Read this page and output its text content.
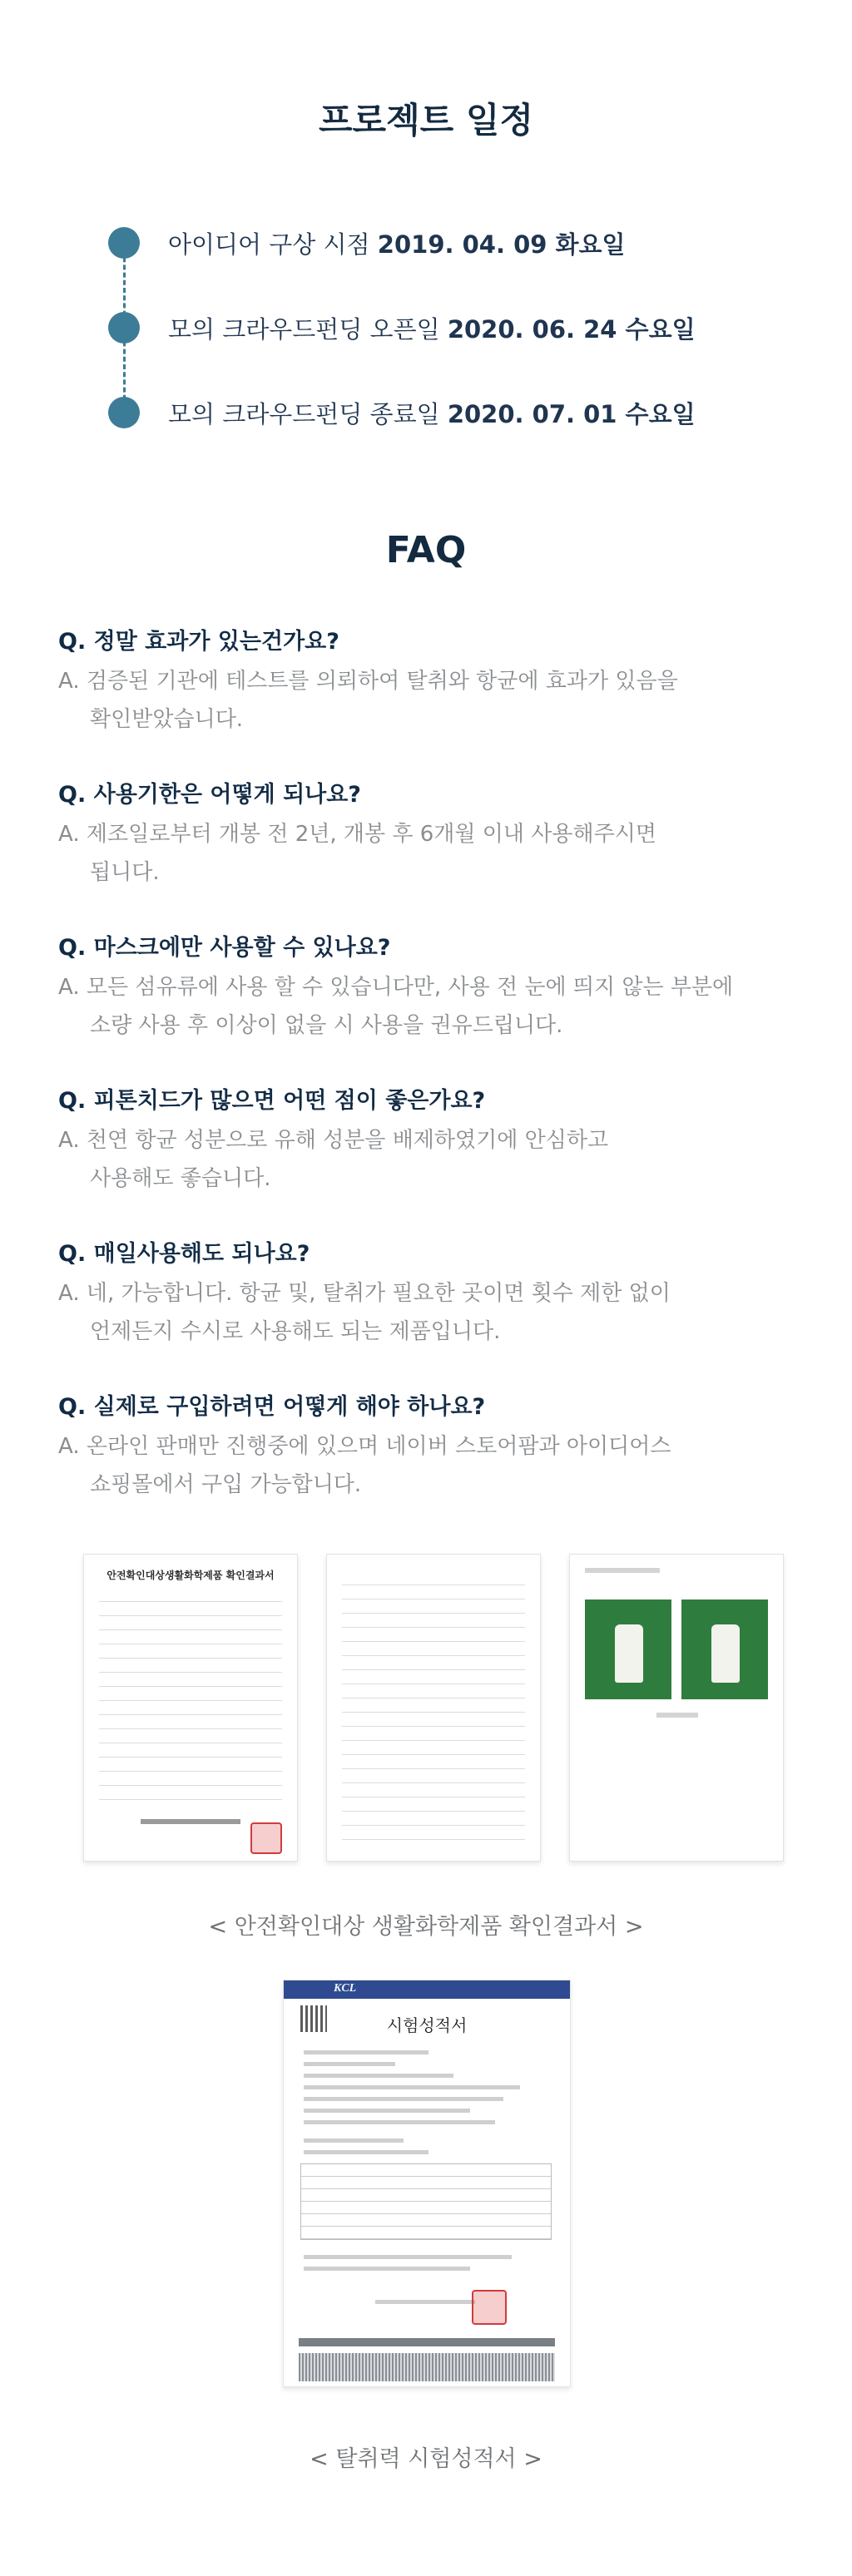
프로젝트 일정
아이디어 구상 시점 2019. 04. 09 화요일
모의 크라우드펀딩 오픈일 2020. 06. 24 수요일
모의 크라우드펀딩 종료일 2020. 07. 01 수요일
FAQ
Q. 정말 효과가 있는건가요?
A. 검증된 기관에 테스트를 의뢰하여 탈취와 항균에 효과가 있음을
확인받았습니다.
Q. 사용기한은 어떻게 되나요?
A. 제조일로부터 개봉 전 2년, 개봉 후 6개월 이내 사용해주시면
됩니다.
Q. 마스크에만 사용할 수 있나요?
A. 모든 섬유류에 사용 할 수 있습니다만, 사용 전 눈에 띄지 않는 부분에
소량 사용 후 이상이 없을 시 사용을 권유드립니다.
Q. 피톤치드가 많으면 어떤 점이 좋은가요?
A. 천연 항균 성분으로 유해 성분을 배제하였기에 안심하고
사용해도 좋습니다.
Q. 매일사용해도 되나요?
A. 네, 가능합니다. 항균 및, 탈취가 필요한 곳이면 횟수 제한 없이
언제든지 수시로 사용해도 되는 제품입니다.
Q. 실제로 구입하려면 어떻게 해야 하나요?
A. 온라인 판매만 진행중에 있으며 네이버 스토어팜과 아이디어스
쇼핑몰에서 구입 가능합니다.
안전확인대상생활화학제품 확인결과서
< 안전확인대상 생활화학제품 확인결과서 >
KCL
시험성적서
< 탈취력 시험성적서 >
